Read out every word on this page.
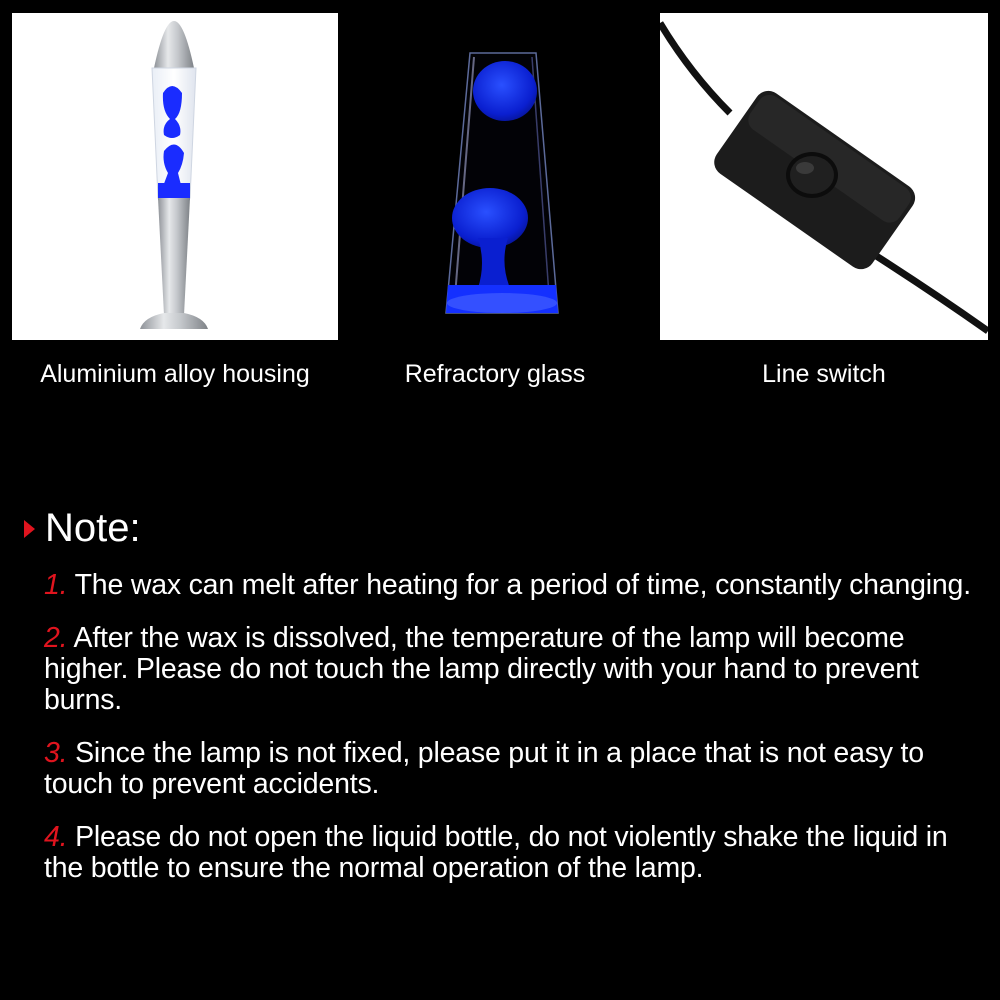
Aluminium alloy housing	Refractory glass	Line switch
Note:
1. The wax can melt after heating for a period of time, constantly changing.
2. After the wax is dissolved, the temperature of the lamp will become higher. Please do not touch the lamp directly with your hand to prevent burns.
3. Since the lamp is not fixed, please put it in a place that is not easy to touch to prevent accidents.
4. Please do not open the liquid bottle, do not violently shake the liquid in the bottle to ensure the normal operation of the lamp.
